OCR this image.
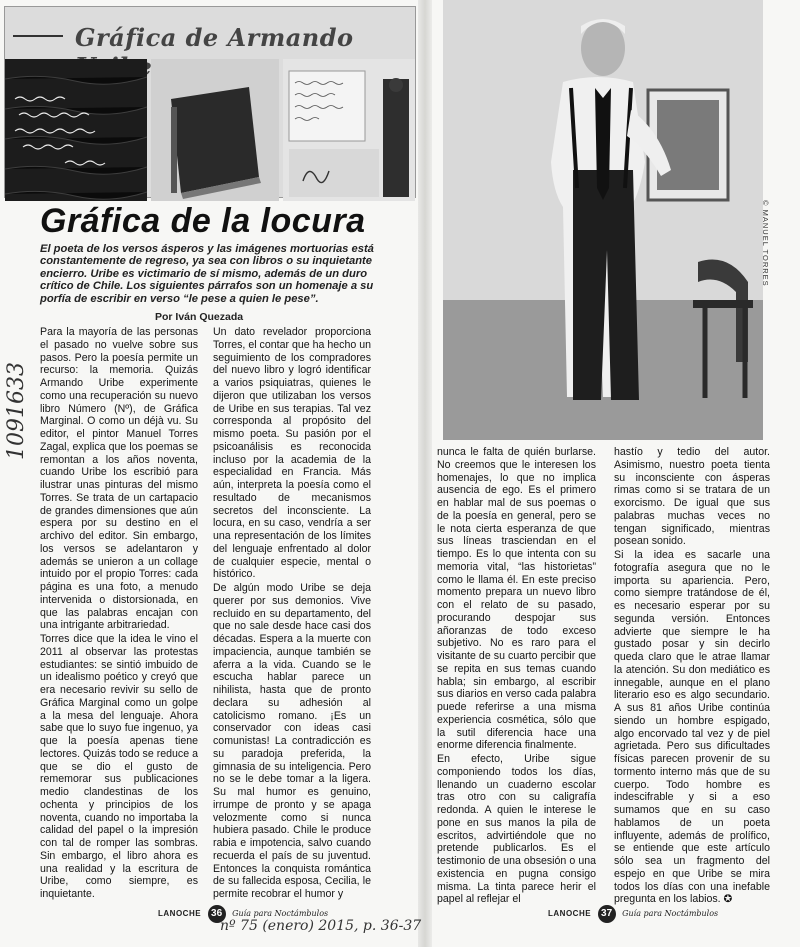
Gráfica de Armando
Gráfica de la locura
El poeta de los versos ásperos y las imágenes mortuorias está constantemente de regreso, ya sea con libros o su inquietante encierro. Uribe es victimario de sí mismo, además de un duro crítico de Chile. Los siguientes párrafos son un homenaje a su porfía de escribir en verso “le pese a quien le pese”.
Por Iván Quezada

Para la mayoría de las personas el pasado no vuelve sobre sus pasos. Pero la poesía permite un recurso: la memoria. Quizás Armando Uribe experimente como una recuperación su nuevo libro Número (Nº), de Gráfica Marginal. O como un déjà vu. Su editor, el pintor Manuel Torres Zagal, explica que los poemas se remontan a los años noventa, cuando Uribe los escribió para ilustrar unas pinturas del mismo Torres. Se trata de un cartapacio de grandes dimensiones que aún espera por su destino en el archivo del editor. Sin embargo, los versos se adelantaron y además se unieron a un collage intuido por el propio Torres: cada página es una foto, a menudo intervenida o distorsionada, en que las palabras encajan con una intrigante arbitrariedad.

Torres dice que la idea le vino el 2011 al observar las protestas estudiantes: se sintió imbuido de un idealismo poético y creyó que era necesario revivir su sello de Gráfica Marginal como un golpe a la mesa del lenguaje. Ahora sabe que lo suyo fue ingenuo, ya que la poesía apenas tiene lectores. Quizás todo se reduce a que se dio el gusto de rememorar sus publicaciones medio clandestinas de los ochenta y principios de los noventa, cuando no importaba la calidad del papel o la impresión con tal de romper las sombras. Sin embargo, el libro ahora es una realidad y la escritura de Uribe, como siempre, es inquietante.

Un dato revelador proporciona Torres, el contar que ha hecho un seguimiento de los compradores del nuevo libro y logró identificar a varios psiquiatras, quienes le dijeron que utilizaban los versos de Uribe en sus terapias. Tal vez corresponda al propósito del mismo poeta. Su pasión por el psicoanálisis es reconocida incluso por la academia de la especialidad en Francia. Más aún, interpreta la poesía como el resultado de mecanismos secretos del inconsciente. La locura, en su caso, vendría a ser una representación de los límites del lenguaje enfrentado al dolor de cualquier especie, mental o histórico.

De algún modo Uribe se deja querer por sus demonios. Vive recluido en su departamento, del que no sale desde hace casi dos décadas. Espera a la muerte con impaciencia, aunque también se aferra a la vida. Cuando se le escucha hablar parece un nihilista, hasta que de pronto declara su adhesión al catolicismo romano. ¡Es un conservador con ideas casi comunistas! La contradicción es su paradoja preferida, la gimnasia de su inteligencia. Pero no se le debe tomar a la ligera. Su mal humor es genuino, irrumpe de pronto y se apaga velozmente como si nunca hubiera pasado. Chile le produce rabia e impotencia, salvo cuando recuerda el país de su juventud. Entonces la conquista romántica de su fallecida esposa, Cecilia, le permite recobrar el humor y

LANOCHE 36 Guía para Noctámbulos
© MANUEL TORRES

nunca le falta de quién burlarse. No creemos que le interesen los homenajes, lo que no implica ausencia de ego. Es el primero en hablar mal de sus poemas o de la poesía en general, pero se le nota cierta esperanza de que sus líneas trasciendan en el tiempo. Es lo que intenta con su memoria vital, “las historietas” como le llama él. En este preciso momento prepara un nuevo libro con el relato de su pasado, procurando despojar sus añoranzas de todo exceso subjetivo. No es raro para el visitante de su cuarto percibir que se repita en sus temas cuando habla; sin embargo, al escribir sus diarios en verso cada palabra puede referirse a una misma experiencia cosmética, sólo que la sutil diferencia hace una enorme diferencia finalmente.

En efecto, Uribe sigue componiendo todos los días, llenando un cuaderno escolar tras otro con su caligrafía redonda. A quien le interese le pone en sus manos la pila de escritos, advirtiéndole que no pretende publicarlos. Es el testimonio de una obsesión o una existencia en pugna consigo misma. La tinta parece herir el papel al reflejar el

hastío y tedio del autor. Asimismo, nuestro poeta tienta su inconsciente con ásperas rimas como si se tratara de un exorcismo. De igual que sus palabras muchas veces no tengan significado, mientras posean sonido.

Si la idea es sacarle una fotografía asegura que no le importa su apariencia. Pero, como siempre tratándose de él, es necesario esperar por su segunda versión. Entonces advierte que siempre le ha gustado posar y sin decirlo queda claro que le atrae llamar la atención. Su don mediático es innegable, aunque en el plano literario eso es algo secundario. A sus 81 años Uribe continúa siendo un hombre espigado, algo encorvado tal vez y de piel agrietada. Pero sus dificultades físicas parecen provenir de su tormento interno más que de su cuerpo. Todo hombre es indescifrable y si a eso sumamos que en su caso hablamos de un poeta influyente, además de prolífico, se entiende que este artículo sólo sea un fragmento del espejo en que Uribe se mira todos los días con una inefable pregunta en los labios. ✪

LANOCHE 37 Guía para Noctámbulos
1091633
nº 75 (enero) 2015, p. 36-37
